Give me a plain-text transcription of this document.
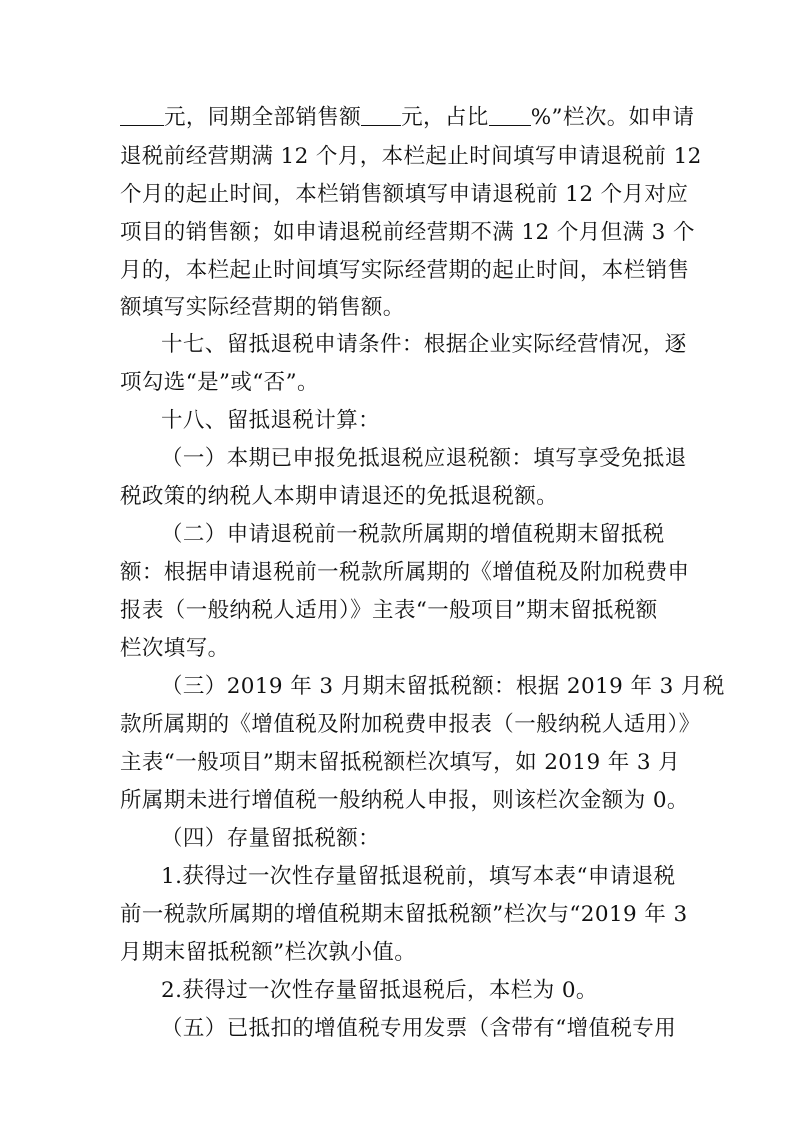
元，同期全部销售额 元，占比 %”栏次。如申请
退税前经营期满 12 个月，本栏起止时间填写申请退税前 12
个月的起止时间，本栏销售额填写申请退税前 12 个月对应
项目的销售额；如申请退税前经营期不满 12 个月但满 3 个
月的，本栏起止时间填写实际经营期的起止时间，本栏销售
额填写实际经营期的销售额。
十七、留抵退税申请条件：根据企业实际经营情况，逐
项勾选“是”或“否”。
十八、留抵退税计算：
（一）本期已申报免抵退税应退税额：填写享受免抵退
税政策的纳税人本期申请退还的免抵退税额。
（二）申请退税前一税款所属期的增值税期末留抵税
额：根据申请退税前一税款所属期的《增值税及附加税费申
报表（一般纳税人适用）》主表“一般项目”期末留抵税额
栏次填写。
（三）2019 年 3 月期末留抵税额：根据 2019 年 3 月税
款所属期的《增值税及附加税费申报表（一般纳税人适用）》
主表“一般项目”期末留抵税额栏次填写，如 2019 年 3 月
所属期未进行增值税一般纳税人申报，则该栏次金额为 0。
（四）存量留抵税额：
1.获得过一次性存量留抵退税前，填写本表“申请退税
前一税款所属期的增值税期末留抵税额”栏次与“2019 年 3
月期末留抵税额”栏次孰小值。
2.获得过一次性存量留抵退税后，本栏为 0。
（五）已抵扣的增值税专用发票（含带有“增值税专用
